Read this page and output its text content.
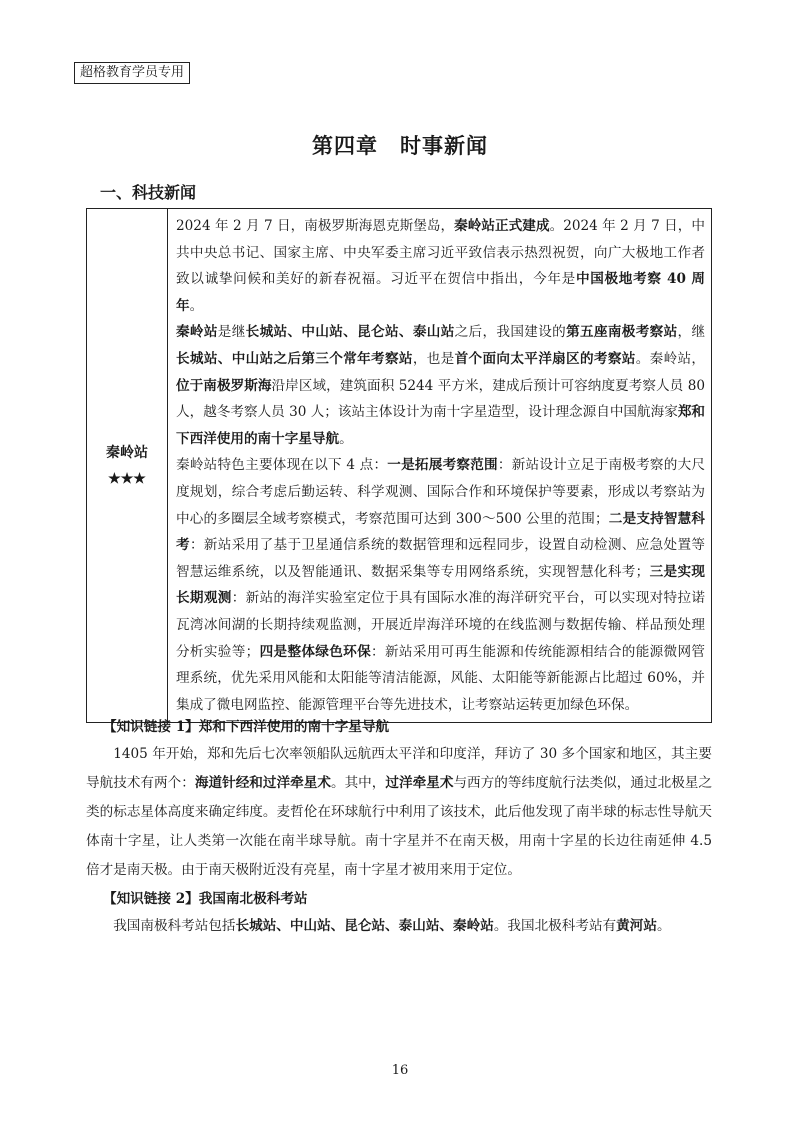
超格教育学员专用
第四章　时事新闻
一、科技新闻
秦岭站
★★★

2024 年 2 月 7 日，南极罗斯海恩克斯堡岛，秦岭站正式建成。2024 年 2 月 7 日，中共中央总书记、国家主席、中央军委主席习近平致信表示热烈祝贺，向广大极地工作者致以诚挚问候和美好的新春祝福。习近平在贺信中指出，今年是中国极地考察 40 周年。

秦岭站是继长城站、中山站、昆仑站、泰山站之后，我国建设的第五座南极考察站，继长城站、中山站之后第三个常年考察站，也是首个面向太平洋扇区的考察站。秦岭站，位于南极罗斯海沿岸区域，建筑面积 5244 平方米，建成后预计可容纳度夏考察人员 80 人，越冬考察人员 30 人；该站主体设计为南十字星造型，设计理念源自中国航海家郑和下西洋使用的南十字星导航。

秦岭站特色主要体现在以下 4 点：一是拓展考察范围：新站设计立足于南极考察的大尺度规划，综合考虑后勤运转、科学观测、国际合作和环境保护等要素，形成以考察站为中心的多圈层全域考察模式，考察范围可达到 300～500 公里的范围；二是支持智慧科考：新站采用了基于卫星通信系统的数据管理和远程同步，设置自动检测、应急处置等智慧运维系统，以及智能通讯、数据采集等专用网络系统，实现智慧化科考；三是实现长期观测：新站的海洋实验室定位于具有国际水准的海洋研究平台，可以实现对特拉诺瓦湾冰间湖的长期持续观监测，开展近岸海洋环境的在线监测与数据传输、样品预处理分析实验等；四是整体绿色环保：新站采用可再生能源和传统能源相结合的能源微网管理系统，优先采用风能和太阳能等清洁能源，风能、太阳能等新能源占比超过 60%，并集成了微电网监控、能源管理平台等先进技术，让考察站运转更加绿色环保。

【知识链接 1】郑和下西洋使用的南十字星导航

1405 年开始，郑和先后七次率领船队远航西太平洋和印度洋，拜访了 30 多个国家和地区，其主要导航技术有两个：海道针经和过洋牵星术。其中，过洋牵星术与西方的等纬度航行法类似，通过北极星之类的标志星体高度来确定纬度。麦哲伦在环球航行中利用了该技术，此后他发现了南半球的标志性导航天体南十字星，让人类第一次能在南半球导航。南十字星并不在南天极，用南十字星的长边往南延伸 4.5 倍才是南天极。由于南天极附近没有亮星，南十字星才被用来用于定位。

【知识链接 2】我国南北极科考站

我国南极科考站包括长城站、中山站、昆仑站、泰山站、秦岭站。我国北极科考站有黄河站。

16
